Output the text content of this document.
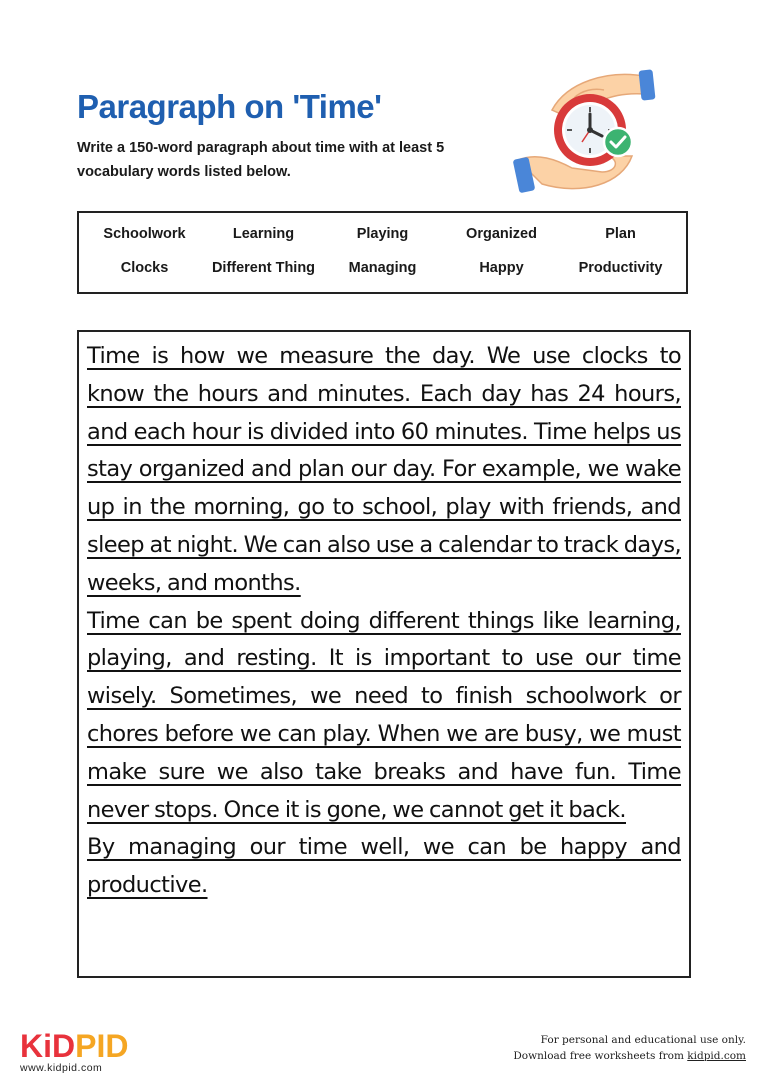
Paragraph on 'Time'
Write a 150-word paragraph about time with at least 5 vocabulary words listed below.
Schoolwork	Learning	Playing	Organized	Plan
Clocks	Different Thing	Managing	Happy	Productivity

Time is how we measure the day. We use clocks to know the hours and minutes. Each day has 24 hours, and each hour is divided into 60 minutes. Time helps us stay organized and plan our day. For example, we wake up in the morning, go to school, play with friends, and sleep at night. We can also use a calendar to track days, weeks, and months.

Time can be spent doing different things like learning, playing, and resting. It is important to use our time wisely. Sometimes, we need to finish schoolwork or chores before we can play. When we are busy, we must make sure we also take breaks and have fun. Time never stops. Once it is gone, we cannot get it back.

By managing our time well, we can be happy and productive.

KiDPID
www.kidpid.com
For personal and educational use only.
Download free worksheets from kidpid.com
